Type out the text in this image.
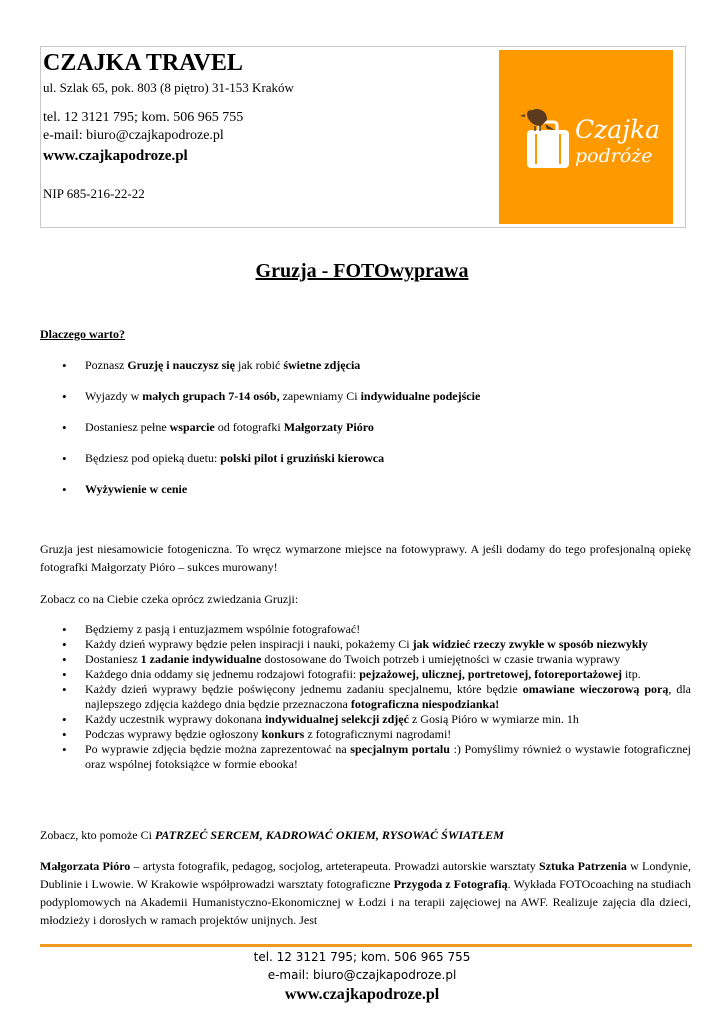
CZAJKA TRAVEL
ul. Szlak 65, pok. 803 (8 piętro) 31-153 Kraków
tel. 12 3121 795; kom. 506 965 755
e-mail: biuro@czajkapodroze.pl
www.czajkapodroze.pl
NIP 685-216-22-22
Czajka
podróże
Gruzja - FOTOwyprawa
Dlaczego warto?
• Poznasz Gruzję i nauczysz się jak robić świetne zdjęcia
• Wyjazdy w małych grupach 7-14 osób, zapewniamy Ci indywidualne podejście
• Dostaniesz pełne wsparcie od fotografki Małgorzaty Pióro
• Będziesz pod opieką duetu: polski pilot i gruziński kierowca
• Wyżywienie w cenie

Gruzja jest niesamowicie fotogeniczna. To wręcz wymarzone miejsce na fotowyprawy. A jeśli dodamy do tego profesjonalną opiekę fotografki Małgorzaty Pióro – sukces murowany!

Zobacz co na Ciebie czeka oprócz zwiedzania Gruzji:

• Będziemy z pasją i entuzjazmem wspólnie fotografować!
• Każdy dzień wyprawy będzie pełen inspiracji i nauki, pokażemy Ci jak widzieć rzeczy zwykłe w sposób niezwykły
• Dostaniesz 1 zadanie indywidualne dostosowane do Twoich potrzeb i umiejętności w czasie trwania wyprawy
• Każdego dnia oddamy się jednemu rodzajowi fotografii: pejzażowej, ulicznej, portretowej, fotoreportażowej itp.
• Każdy dzień wyprawy będzie poświęcony jednemu zadaniu specjalnemu, które będzie omawiane wieczorową porą, dla najlepszego zdjęcia każdego dnia będzie przeznaczona fotograficzna niespodzianka!
• Każdy uczestnik wyprawy dokonana indywidualnej selekcji zdjęć z Gosią Pióro w wymiarze min. 1h
• Podczas wyprawy będzie ogłoszony konkurs z fotograficznymi nagrodami!
• Po wyprawie zdjęcia będzie można zaprezentować na specjalnym portalu :) Pomyślimy również o wystawie fotograficznej oraz wspólnej fotoksiążce w formie ebooka!

Zobacz, kto pomoże Ci PATRZEĆ SERCEM, KADROWAĆ OKIEM, RYSOWAĆ ŚWIATŁEM

Małgorzata Pióro – artysta fotografik, pedagog, socjolog, arteterapeuta. Prowadzi autorskie warsztaty Sztuka Patrzenia w Londynie, Dublinie i Lwowie. W Krakowie współprowadzi warsztaty fotograficzne Przygoda z Fotografią. Wykłada FOTOcoaching na studiach podyplomowych na Akademii Humanistyczno-Ekonomicznej w Łodzi i na terapii zajęciowej na AWF. Realizuje zajęcia dla dzieci, młodzieży i dorosłych w ramach projektów unijnych. Jest

tel. 12 3121 795; kom. 506 965 755
e-mail: biuro@czajkapodroze.pl
www.czajkapodroze.pl
